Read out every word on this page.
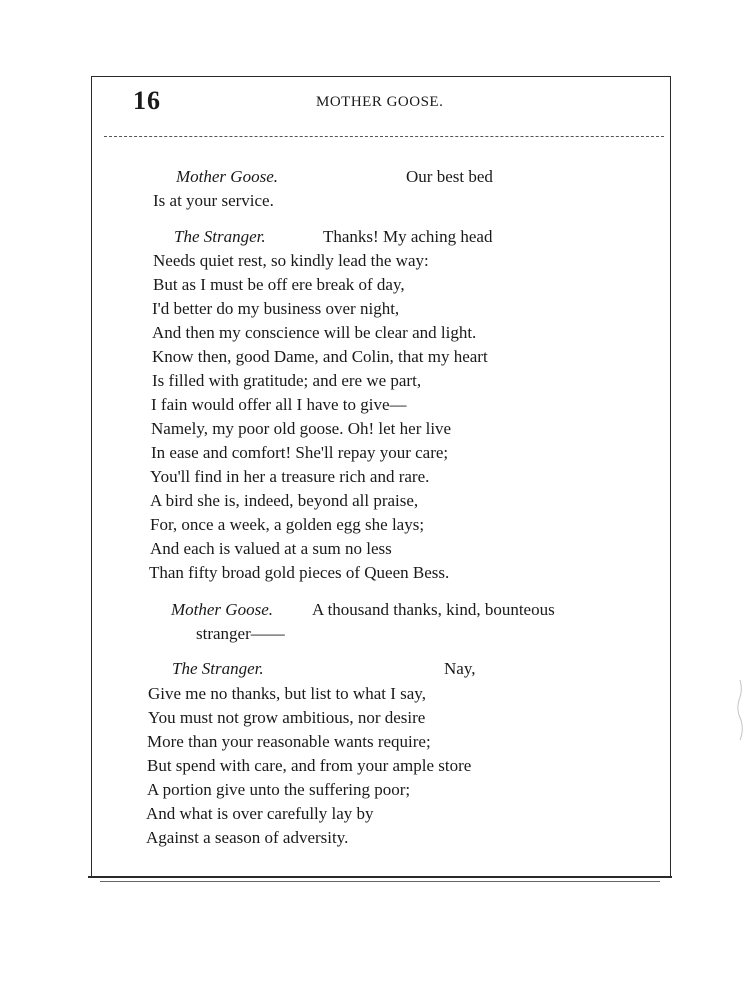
16	MOTHER GOOSE.
Mother Goose.	Our best bed
Is at your service.
The Stranger.	Thanks! My aching head
Needs quiet rest, so kindly lead the way:
But as I must be off ere break of day,
I'd better do my business over night,
And then my conscience will be clear and light.
Know then, good Dame, and Colin, that my heart
Is filled with gratitude; and ere we part,
I fain would offer all I have to give—
Namely, my poor old goose. Oh! let her live
In ease and comfort! She'll repay your care;
You'll find in her a treasure rich and rare.
A bird she is, indeed, beyond all praise,
For, once a week, a golden egg she lays;
And each is valued at a sum no less
Than fifty broad gold pieces of Queen Bess.
Mother Goose. A thousand thanks, kind, bounteous
stranger——
The Stranger.	Nay,
Give me no thanks, but list to what I say,
You must not grow ambitious, nor desire
More than your reasonable wants require;
But spend with care, and from your ample store
A portion give unto the suffering poor;
And what is over carefully lay by
Against a season of adversity.
